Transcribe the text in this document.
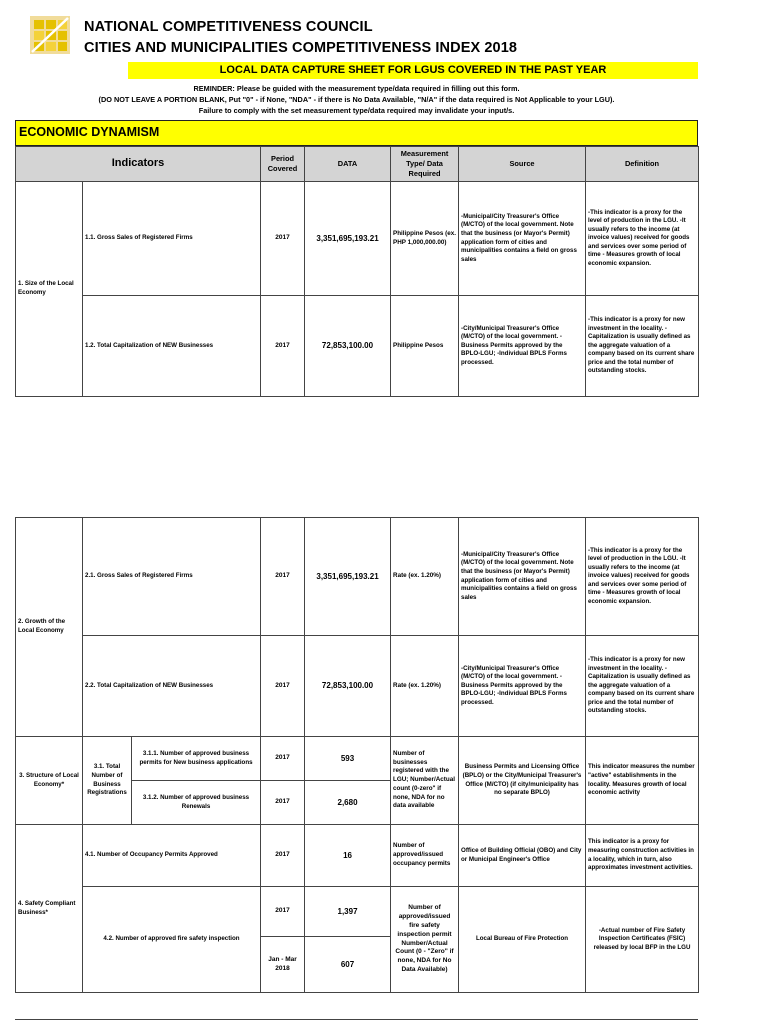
NATIONAL COMPETITIVENESS COUNCIL
CITIES AND MUNICIPALITIES COMPETITIVENESS INDEX 2018
LOCAL DATA CAPTURE SHEET FOR LGUS COVERED IN THE PAST YEAR
REMINDER: Please be guided with the measurement type/data required in filling out this form.
(DO NOT LEAVE A PORTION BLANK, Put "0" - if None, "NDA" - if there is No Data Available, "N/A" if the data required is Not Applicable to your LGU).
Failure to comply with the set measurement type/data required may invalidate your input/s.
ECONOMIC DYNAMISM
Indicators		Period Covered	DATA	Measurement Type/ Data Required	Source	Definition
1. Size of the Local Economy	1.1. Gross Sales of Registered Firms	2017	3,351,695,193.21	Philippine Pesos (ex. PHP 1,000,000.00)	-Municipal/City Treasurer's Office (M/CTO) of the local government. Note that the business (or Mayor's Permit) application form of cities and municipalities contains a field on gross sales	-This indicator is a proxy for the level of production in the LGU. -It usually refers to the income (at invoice values) received for goods and services over some period of time - Measures growth of local economic expansion.
	1.2. Total Capitalization of NEW Businesses	2017	72,853,100.00	Philippine Pesos	-City/Municipal Treasurer's Office (M/CTO) of the local government. -Business Permits approved by the BPLO-LGU; -Individual BPLS Forms processed.	-This indicator is a proxy for new investment in the locality. -Capitalization is usually defined as the aggregate valuation of a company based on its current share price and the total number of outstanding stocks.
2. Growth of the Local Economy	2.1. Gross Sales of Registered Firms		2017	3,351,695,193.21	Rate (ex. 1.20%)	-Municipal/City Treasurer's Office (M/CTO) of the local government. Note that the business (or Mayor's Permit) application form of cities and municipalities contains a field on gross sales	-This indicator is a proxy for the level of production in the LGU. -It usually refers to the income (at invoice values) received for goods and services over some period of time - Measures growth of local economic expansion.
	2.2. Total Capitalization of NEW Businesses		2017	72,853,100.00	Rate (ex. 1.20%)	-City/Municipal Treasurer's Office (M/CTO) of the local government. -Business Permits approved by the BPLO-LGU; -Individual BPLS Forms processed.	-This indicator is a proxy for new investment in the locality. -Capitalization is usually defined as the aggregate valuation of a company based on its current share price and the total number of outstanding stocks.
3. Structure of Local Economy*	3.1. Total Number of Business Registrations	3.1.1. Number of approved business permits for New business applications	2017	593	Number of businesses registered with the LGU; Number/Actual count (0-zero" if none, NDA for no data available	Business Permits and Licensing Office (BPLO) or the City/Municipal Treasurer's Office (M/CTO) (if city/municipality has no separate BPLO)	This indicator measures the number "active" establishments in the locality. Measures growth of local economic activity
		3.1.2. Number of approved business Renewals	2017	2,680			
4. Safety Compliant Business*	4.1. Number of Occupancy Permits Approved		2017	16	Number of approved/issued occupancy permits	Office of Building Official (OBO) and City or Municipal Engineer's Office	This indicator is a proxy for measuring construction activities in a locality, which in turn, also approximates investment activities.
	4.2. Number of approved fire safety inspection		2017	1,397	Number of approved/issued fire safety inspection permit Number/Actual Count (0 - "Zero" if none, NDA for No Data Available)	Local Bureau of Fire Protection	-Actual number of Fire Safety Inspection Certificates (FSIC) released by local BFP in the LGU
			Jan - Mar 2018	607			
